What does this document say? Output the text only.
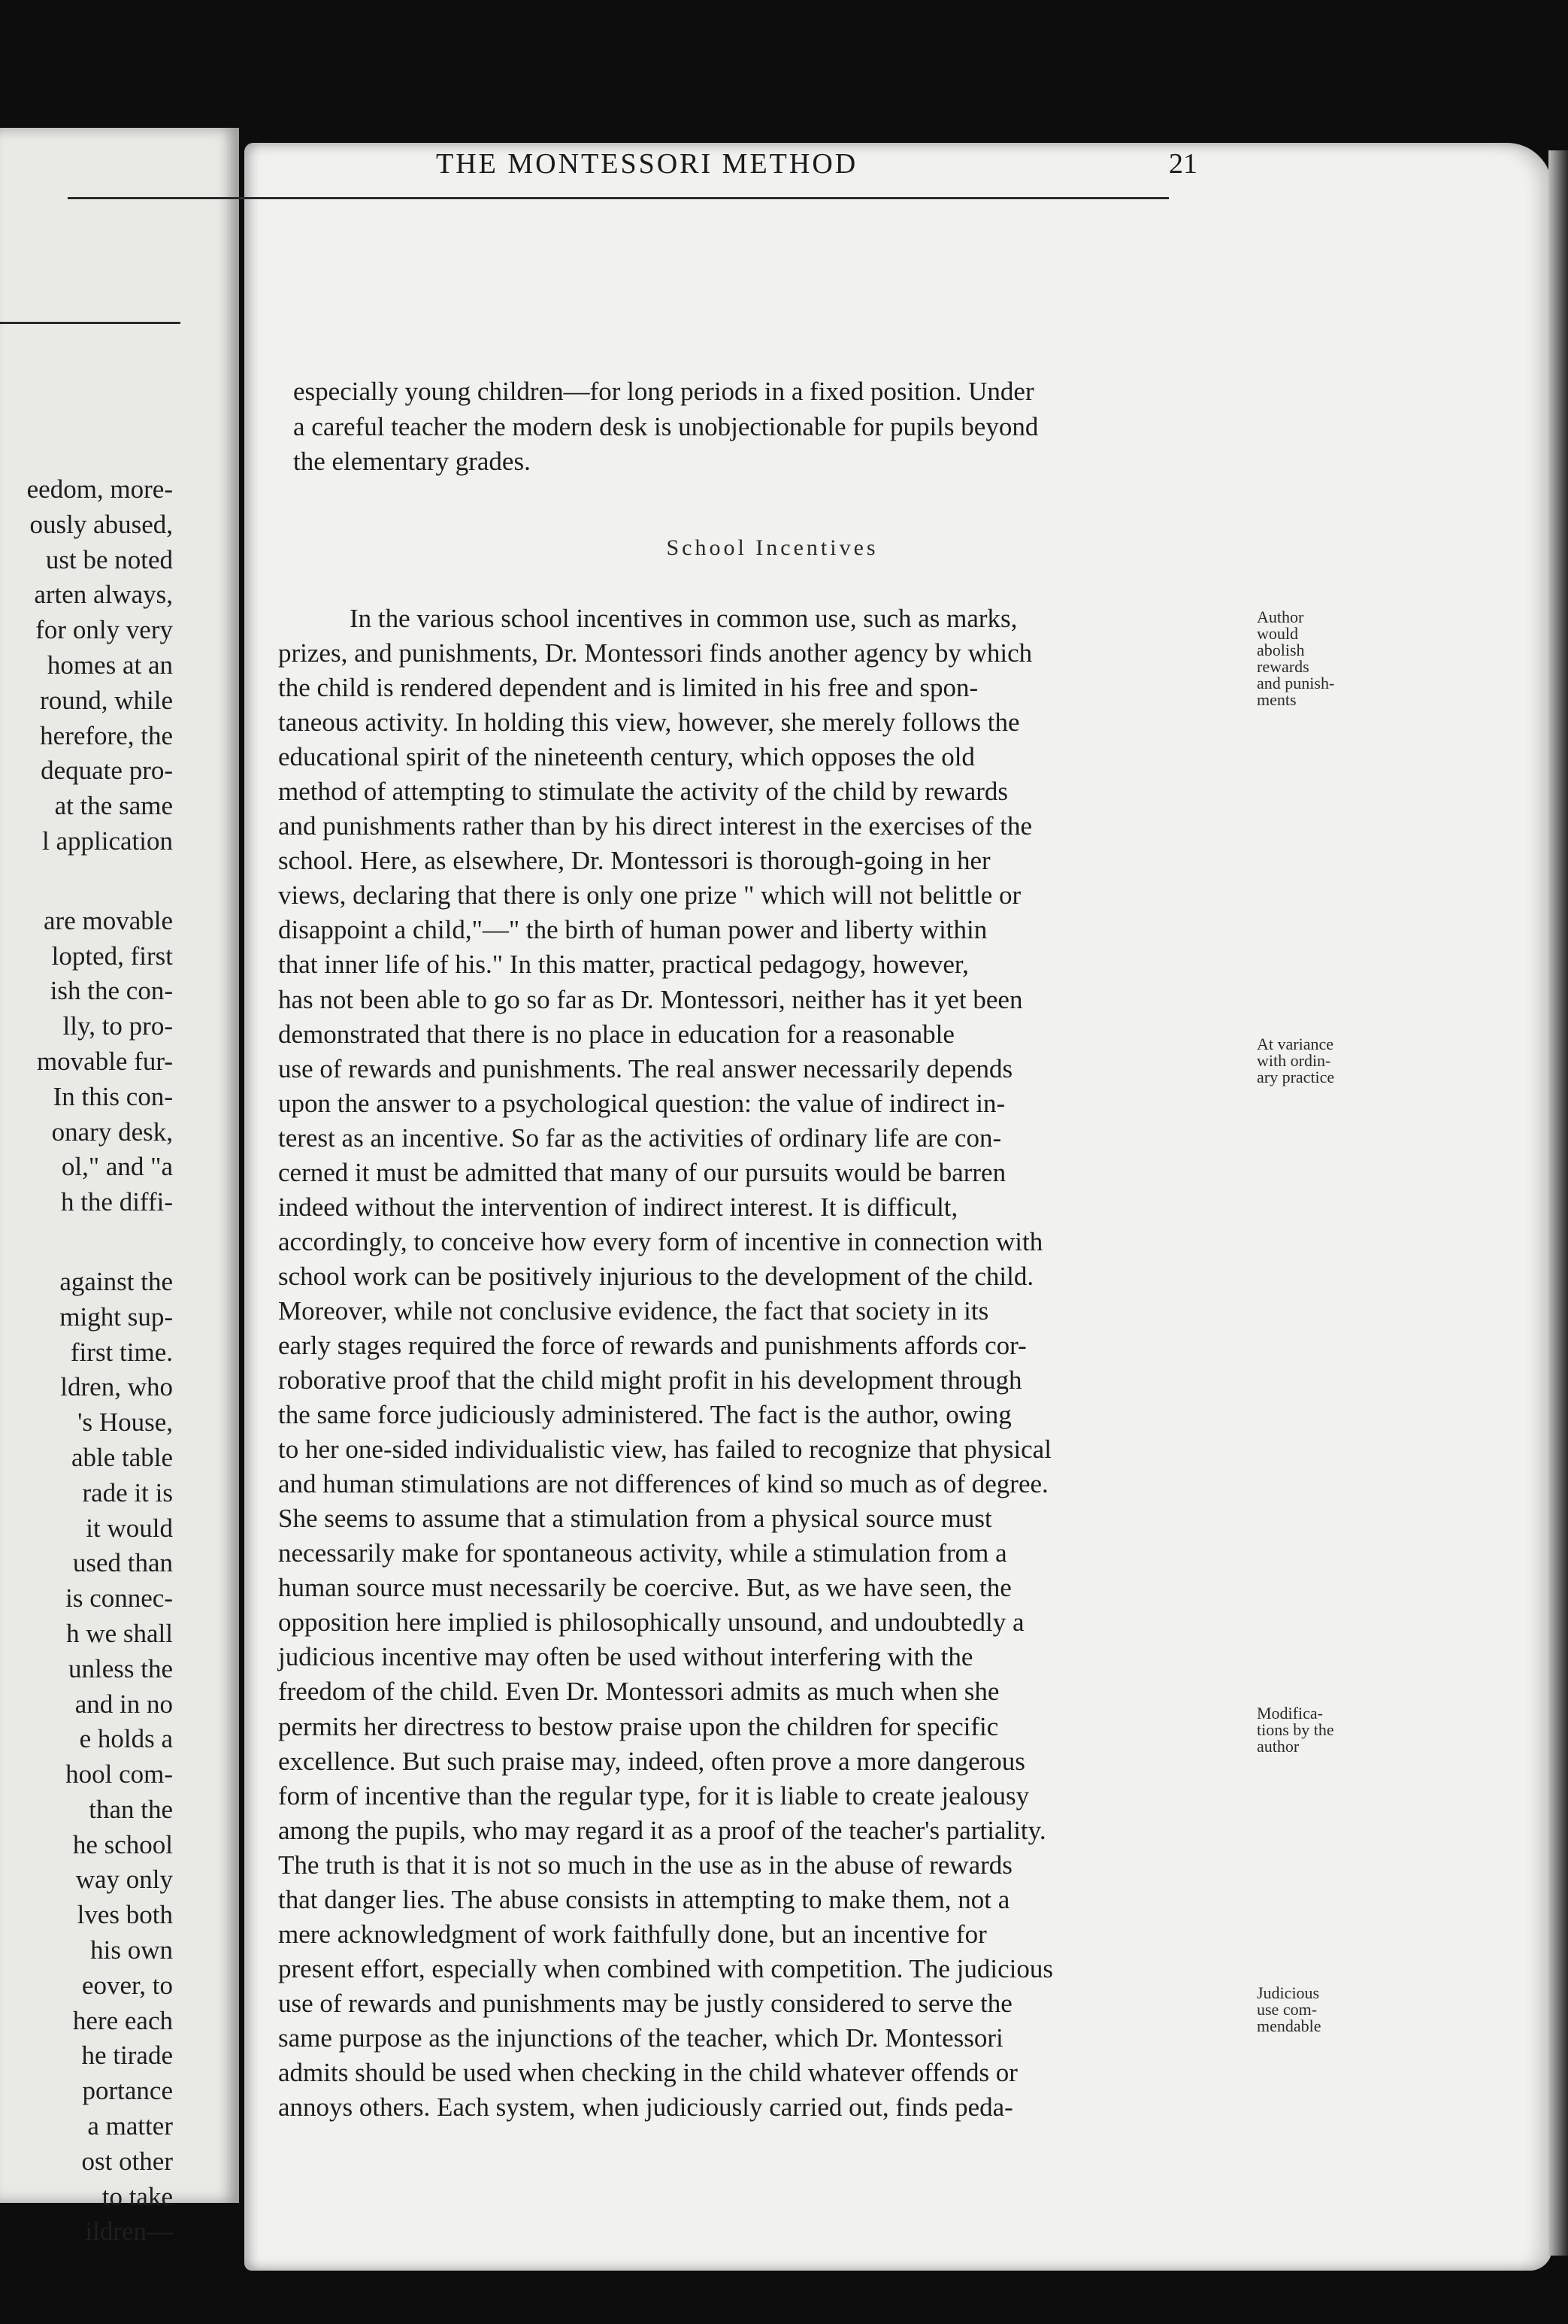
eedom, more-
ously abused,
ust be noted
arten always,
for only very
homes at an
round, while
herefore, the
dequate pro-
at the same
l application
are movable
lopted, first
ish the con-
lly, to pro-
movable fur-
In this con-
onary desk,
ol," and "a
h the diffi-
against the
might sup-
first time.
ldren, who
's House,
able table
rade it is
it would
used than
is connec-
h we shall
unless the
and in no
e holds a
hool com-
than the
he school
way only
lves both
his own
eover, to
here each
he tirade
portance
a matter
ost other
to take
ildren—
THE MONTESSORI METHOD	21
especially young children—for long periods in a fixed position. Under
a careful teacher the modern desk is unobjectionable for pupils beyond
the elementary grades.
School Incentives
In the various school incentives in common use, such as marks,
prizes, and punishments, Dr. Montessori finds another agency by which
the child is rendered dependent and is limited in his free and spon-
taneous activity. In holding this view, however, she merely follows the
educational spirit of the nineteenth century, which opposes the old
method of attempting to stimulate the activity of the child by rewards
and punishments rather than by his direct interest in the exercises of the
school. Here, as elsewhere, Dr. Montessori is thorough-going in her
views, declaring that there is only one prize " which will not belittle or
disappoint a child,"—" the birth of human power and liberty within
that inner life of his." In this matter, practical pedagogy, however,
has not been able to go so far as Dr. Montessori, neither has it yet been
demonstrated that there is no place in education for a reasonable
use of rewards and punishments. The real answer necessarily depends
upon the answer to a psychological question: the value of indirect in-
terest as an incentive. So far as the activities of ordinary life are con-
cerned it must be admitted that many of our pursuits would be barren
indeed without the intervention of indirect interest. It is difficult,
accordingly, to conceive how every form of incentive in connection with
school work can be positively injurious to the development of the child.
Moreover, while not conclusive evidence, the fact that society in its
early stages required the force of rewards and punishments affords cor-
roborative proof that the child might profit in his development through
the same force judiciously administered. The fact is the author, owing
to her one-sided individualistic view, has failed to recognize that physical
and human stimulations are not differences of kind so much as of degree.
She seems to assume that a stimulation from a physical source must
necessarily make for spontaneous activity, while a stimulation from a
human source must necessarily be coercive. But, as we have seen, the
opposition here implied is philosophically unsound, and undoubtedly a
judicious incentive may often be used without interfering with the
freedom of the child. Even Dr. Montessori admits as much when she
permits her directress to bestow praise upon the children for specific
excellence. But such praise may, indeed, often prove a more dangerous
form of incentive than the regular type, for it is liable to create jealousy
among the pupils, who may regard it as a proof of the teacher's partiality.
The truth is that it is not so much in the use as in the abuse of rewards
that danger lies. The abuse consists in attempting to make them, not a
mere acknowledgment of work faithfully done, but an incentive for
present effort, especially when combined with competition. The judicious
use of rewards and punishments may be justly considered to serve the
same purpose as the injunctions of the teacher, which Dr. Montessori
admits should be used when checking in the child whatever offends or
annoys others. Each system, when judiciously carried out, finds peda-
Author
would
abolish
rewards
and punish-
ments
At variance
with ordin-
ary practice
Modifica-
tions by the
author
Judicious
use com-
mendable
